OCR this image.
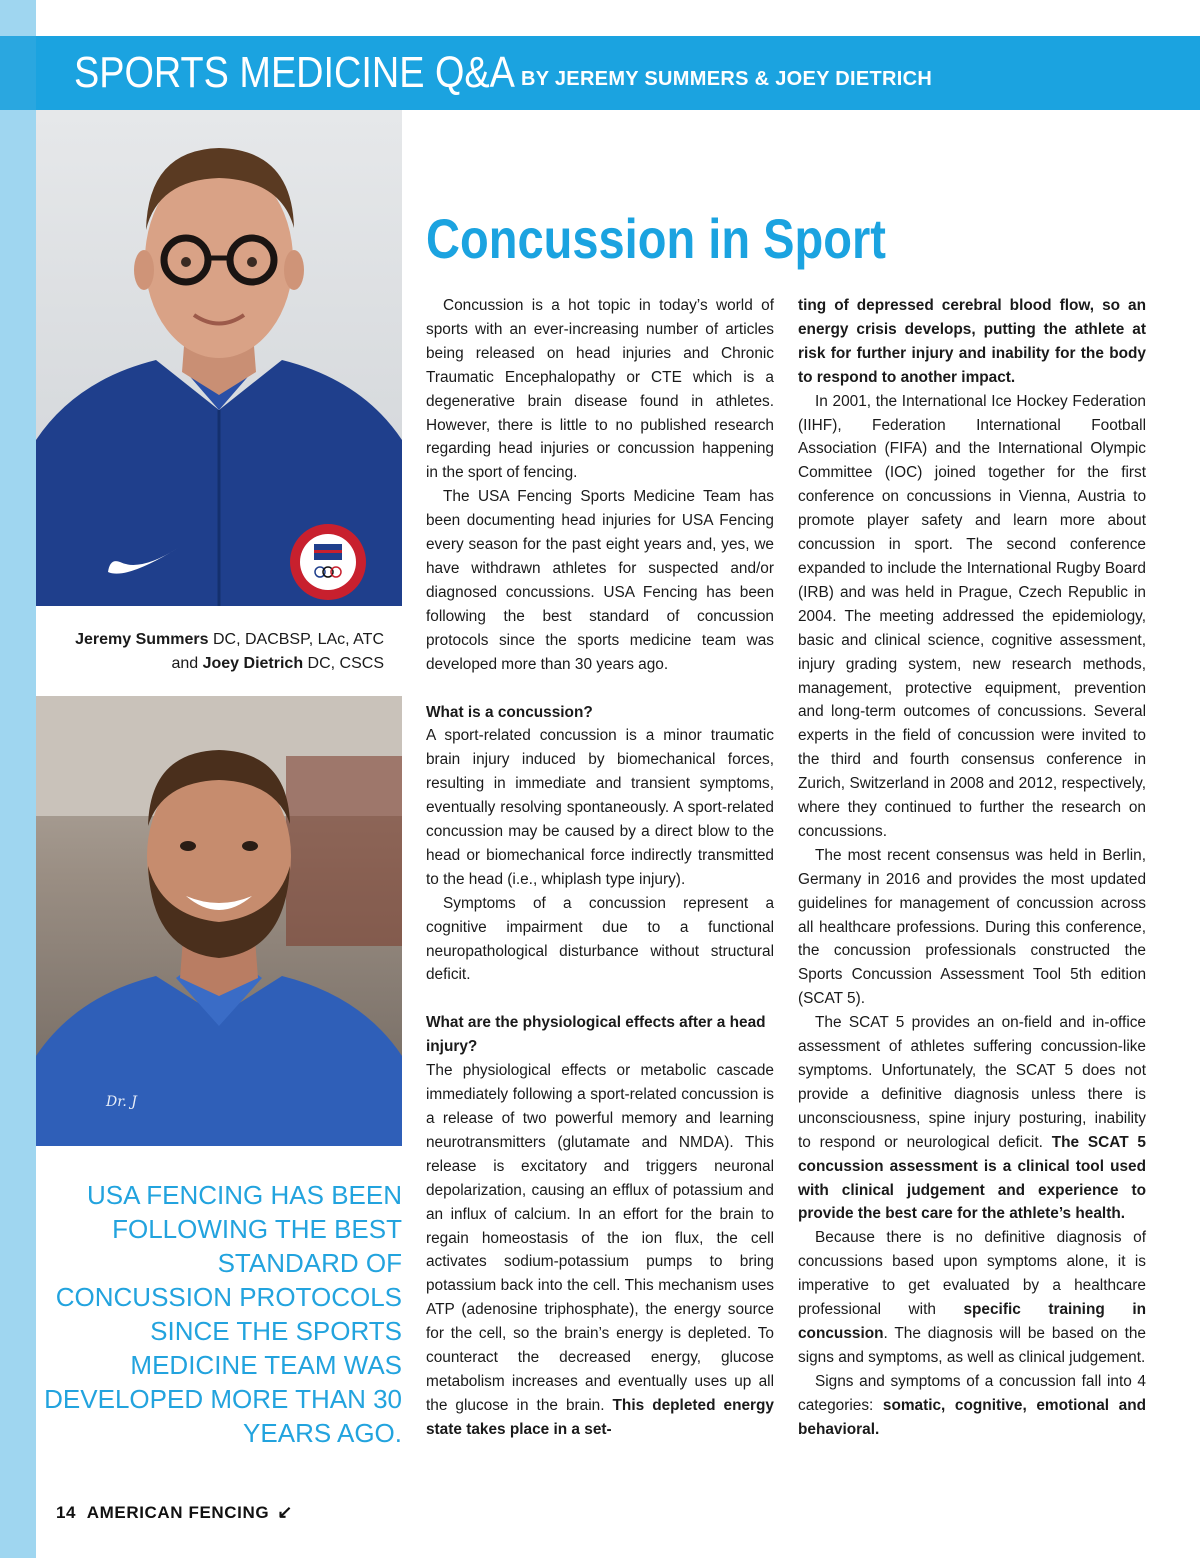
SPORTS MEDICINE Q&A BY JEREMY SUMMERS & JOEY DIETRICH
Jeremy Summers DC, DACBSP, LAc, ATC
and Joey Dietrich DC, CSCS
Dr. J
USA FENCING HAS BEEN FOLLOWING THE BEST STANDARD OF CONCUSSION PROTOCOLS SINCE THE SPORTS MEDICINE TEAM WAS DEVELOPED MORE THAN 30 YEARS AGO.
Concussion in Sport

Concussion is a hot topic in today’s world of sports with an ever-increasing number of articles being released on head injuries and Chronic Traumatic Encephalopathy or CTE which is a degenerative brain disease found in athletes. However, there is little to no published research regarding head injuries or concussion happening in the sport of fencing.

The USA Fencing Sports Medicine Team has been documenting head injuries for USA Fencing every season for the past eight years and, yes, we have withdrawn athletes for suspected and/or diagnosed concussions. USA Fencing has been following the best standard of concussion protocols since the sports medicine team was developed more than 30 years ago.

What is a concussion?

A sport-related concussion is a minor traumatic brain injury induced by biomechanical forces, resulting in immediate and transient symptoms, eventually resolving spontaneously. A sport-related concussion may be caused by a direct blow to the head or biomechanical force indirectly transmitted to the head (i.e., whiplash type injury).

Symptoms of a concussion represent a cognitive impairment due to a functional neuropathological disturbance without structural deficit.

What are the physiological effects after a head injury?

The physiological effects or metabolic cascade immediately following a sport-related concussion is a release of two powerful memory and learning neurotransmitters (glutamate and NMDA). This release is excitatory and triggers neuronal depolarization, causing an efflux of potassium and an influx of calcium. In an effort for the brain to regain homeostasis of the ion flux, the cell activates sodium-potassium pumps to bring potassium back into the cell. This mechanism uses ATP (adenosine triphosphate), the energy source for the cell, so the brain’s energy is depleted. To counteract the decreased energy, glucose metabolism increases and eventually uses up all the glucose in the brain. This depleted energy state takes place in a set-

ting of depressed cerebral blood flow, so an energy crisis develops, putting the athlete at risk for further injury and inability for the body to respond to another impact.

In 2001, the International Ice Hockey Federation (IIHF), Federation International Football Association (FIFA) and the International Olympic Committee (IOC) joined together for the first conference on concussions in Vienna, Austria to promote player safety and learn more about concussion in sport. The second conference expanded to include the International Rugby Board (IRB) and was held in Prague, Czech Republic in 2004. The meeting addressed the epidemiology, basic and clinical science, cognitive assessment, injury grading system, new research methods, management, protective equipment, prevention and long-term outcomes of concussions. Several experts in the field of concussion were invited to the third and fourth consensus conference in Zurich, Switzerland in 2008 and 2012, respectively, where they continued to further the research on concussions.

The most recent consensus was held in Berlin, Germany in 2016 and provides the most updated guidelines for management of concussion across all healthcare professions. During this conference, the concussion professionals constructed the Sports Concussion Assessment Tool 5th edition (SCAT 5).

The SCAT 5 provides an on-field and in-office assessment of athletes suffering concussion-like symptoms. Unfortunately, the SCAT 5 does not provide a definitive diagnosis unless there is unconsciousness, spine injury posturing, inability to respond or neurological deficit. The SCAT 5 concussion assessment is a clinical tool used with clinical judgement and experience to provide the best care for the athlete’s health.

Because there is no definitive diagnosis of concussions based upon symptoms alone, it is imperative to get evaluated by a healthcare professional with specific training in concussion. The diagnosis will be based on the signs and symptoms, as well as clinical judgement.

Signs and symptoms of a concussion fall into 4 categories: somatic, cognitive, emotional and behavioral.

14 AMERICAN FENCING ↙
